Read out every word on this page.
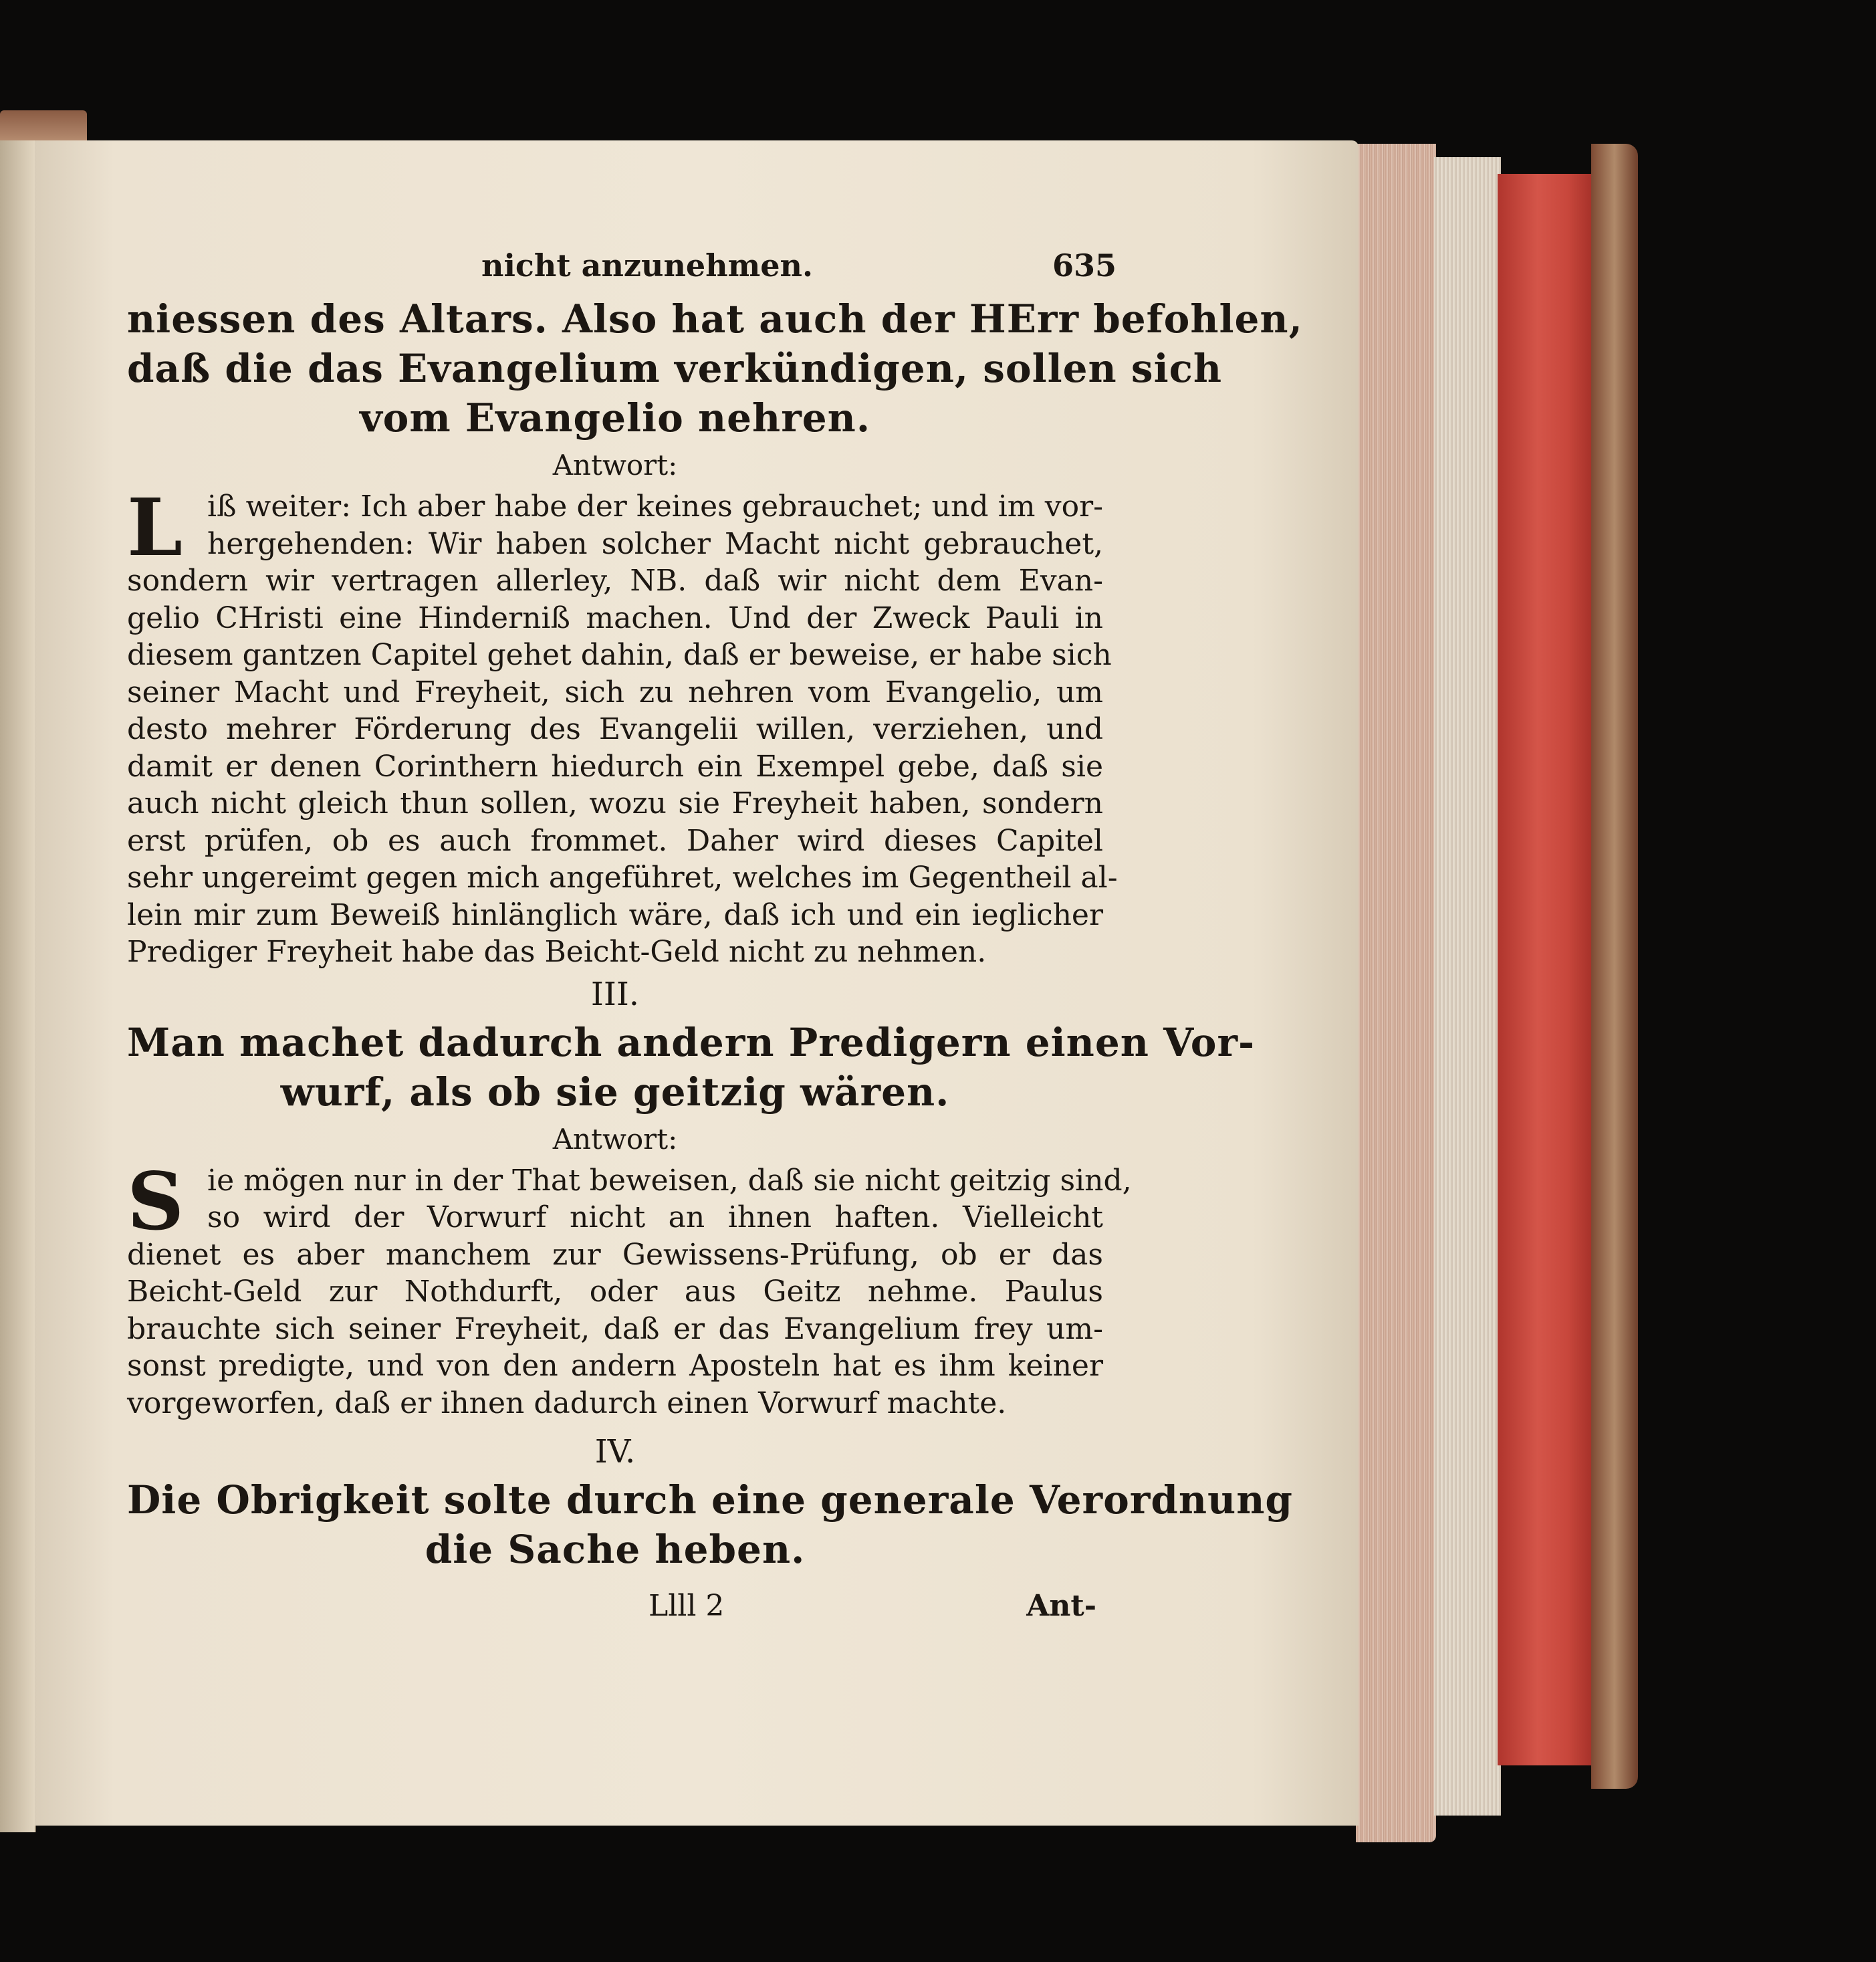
nicht anzunehmen.	635
niessen des Altars. Also hat auch der HErr befohlen,
daß die das Evangelium verkündigen, sollen sich
vom Evangelio nehren.
Antwort:
L iß weiter: Ich aber habe der keines gebrauchet; und im vor-
hergehenden: Wir haben solcher Macht nicht gebrauchet,
sondern wir vertragen allerley, NB. daß wir nicht dem Evan-
gelio CHristi eine Hinderniß machen. Und der Zweck Pauli in
diesem gantzen Capitel gehet dahin, daß er beweise, er habe sich
seiner Macht und Freyheit, sich zu nehren vom Evangelio, um
desto mehrer Förderung des Evangelii willen, verziehen, und
damit er denen Corinthern hiedurch ein Exempel gebe, daß sie
auch nicht gleich thun sollen, wozu sie Freyheit haben, sondern
erst prüfen, ob es auch frommet. Daher wird dieses Capitel
sehr ungereimt gegen mich angeführet, welches im Gegentheil al-
lein mir zum Beweiß hinlänglich wäre, daß ich und ein ieglicher
Prediger Freyheit habe das Beicht-Geld nicht zu nehmen.
III.
Man machet dadurch andern Predigern einen Vor-
wurf, als ob sie geitzig wären.
Antwort:
S ie mögen nur in der That beweisen, daß sie nicht geitzig sind,
so wird der Vorwurf nicht an ihnen haften. Vielleicht
dienet es aber manchem zur Gewissens-Prüfung, ob er das
Beicht-Geld zur Nothdurft, oder aus Geitz nehme. Paulus
brauchte sich seiner Freyheit, daß er das Evangelium frey um-
sonst predigte, und von den andern Aposteln hat es ihm keiner
vorgeworfen, daß er ihnen dadurch einen Vorwurf machte.
IV.
Die Obrigkeit solte durch eine generale Verordnung
die Sache heben.
Llll 2	Ant-
